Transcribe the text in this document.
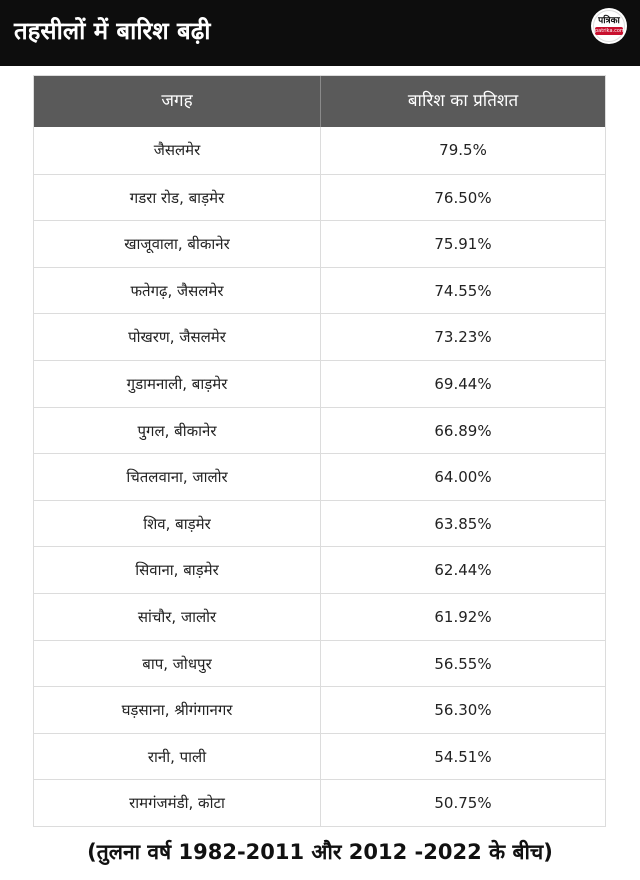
तहसीलों में बारिश बढ़ी	पत्रिका
patrika.com
जगह	बारिश का प्रतिशत
जैसलमेर	79.5%
गडरा रोड, बाड़मेर	76.50%
खाजूवाला, बीकानेर	75.91%
फतेगढ़, जैसलमेर	74.55%
पोखरण, जैसलमेर	73.23%
गुडामनाली, बाड़मेर	69.44%
पुगल, बीकानेर	66.89%
चितलवाना, जालोर	64.00%
शिव, बाड़मेर	63.85%
सिवाना, बाड़मेर	62.44%
सांचौर, जालोर	61.92%
बाप, जोधपुर	56.55%
घड़साना, श्रीगंगानगर	56.30%
रानी, पाली	54.51%
रामगंजमंडी, कोटा	50.75%
(तुलना वर्ष 1982-2011 और 2012 -2022 के बीच)
